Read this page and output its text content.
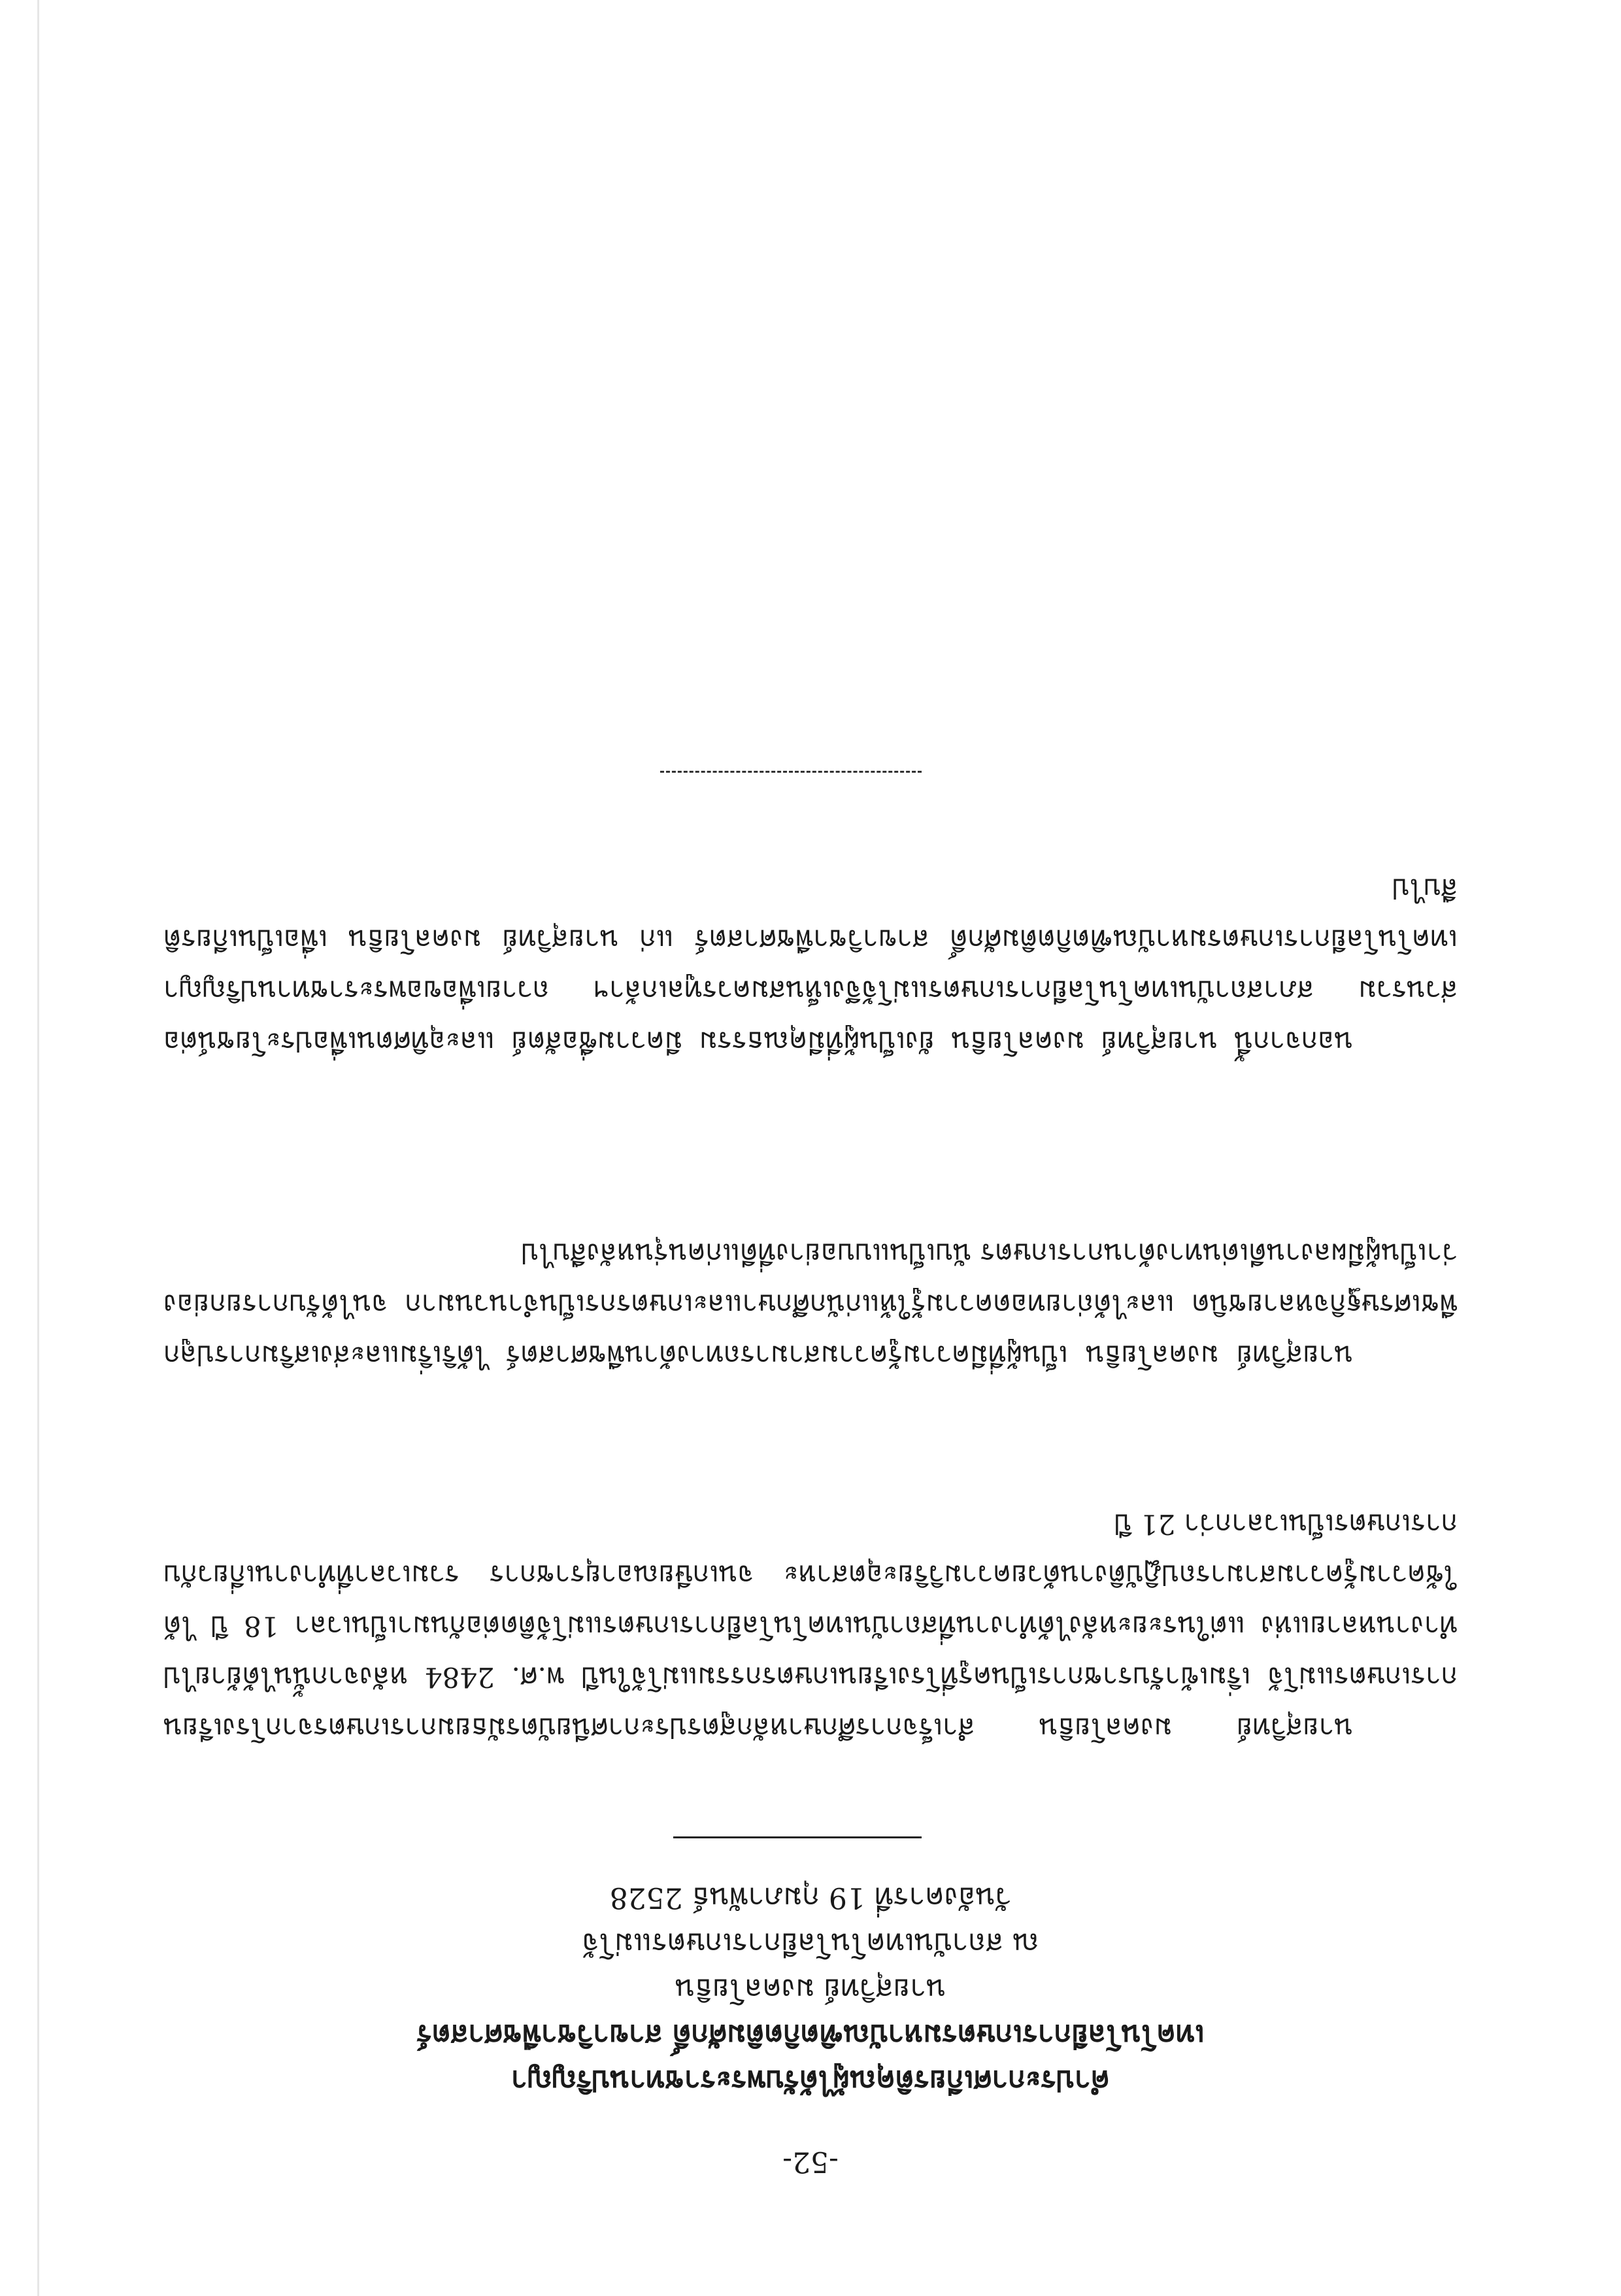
-52-
คำประกาศเกียรติคุณผู้ได้รับพระราชทานปริญญา
เทคโนโลยีการเกษตรมหาบัณฑิตกิตติมศักดิ์ สาขาวิชาพืชศาสตร์
นายสุวิทย์ มงคลโยธิน
ณ สถาบันเทคโนโลยีการเกษตรแม่โจ้
วันอังคารที่ 19 กุมภาพันธ์ 2528

นายสุวิทย์ มงคลโยธิน สำเร็จการศึกษาหลักสูตรประกาศนียบัตรมัธยมการเกษตรจากโรงเรียนการเกษตรแม่โจ้ เริ่มเข้ารับราชการเป็นครูที่โรงเรียนเกษตรกรรมแม่โจ้ในปี พ.ศ. 2484 หลังจากนั้นได้ย้ายไปทำงานหลายแห่ง แต่ในระยะหลังได้ทำงานที่สถาบันเทคโนโลยีการเกษตรแม่โจ้ติดต่อกันมาเป็นเวลา 18 ปี ได้ใช้ความรู้ความสามารถปฏิบัติงานด้วยความวิริยะอุตสาหะ จนเกษียณอายุราชการ รวมเวลาที่ทำงานเกี่ยวกับการเกษตรเป็นเวลากว่า 21 ปี

นายสุวิทย์ มงคลโยธิน เป็นผู้ที่มีความรู้ความสามารถทางด้านพืชศาสตร์ ได้ริเริ่มและส่งเสริมการปลูกพืชเศรษฐกิจหลายชนิด และได้ถ่ายทอดความรู้ให้แก่นักศึกษาและเกษตรกรเป็นจำนวนมาก จนได้รับการยกย่องว่าเป็นผู้มีผลงานดีเด่นทางด้านการเกษตร นับเป็นแบบอย่างที่ดีแก่คนรุ่นหลังสืบไป

นอกจากนี้ นายสุวิทย์ มงคลโยธิน ยังเป็นผู้ที่มีคุณธรรม มีความซื่อสัตย์ และอุทิศตนเพื่อประโยชน์ต่อส่วนรวม สภาสถาบันเทคโนโลยีการเกษตรแม่โจ้จึงเห็นสมควรทูลเกล้าฯ ถวายเพื่อขอพระราชทานปริญญาเทคโนโลยีการเกษตรมหาบัณฑิตกิตติมศักดิ์ สาขาวิชาพืชศาสตร์ แก่ นายสุวิทย์ มงคลโยธิน เพื่อเป็นเกียรติสืบไป
